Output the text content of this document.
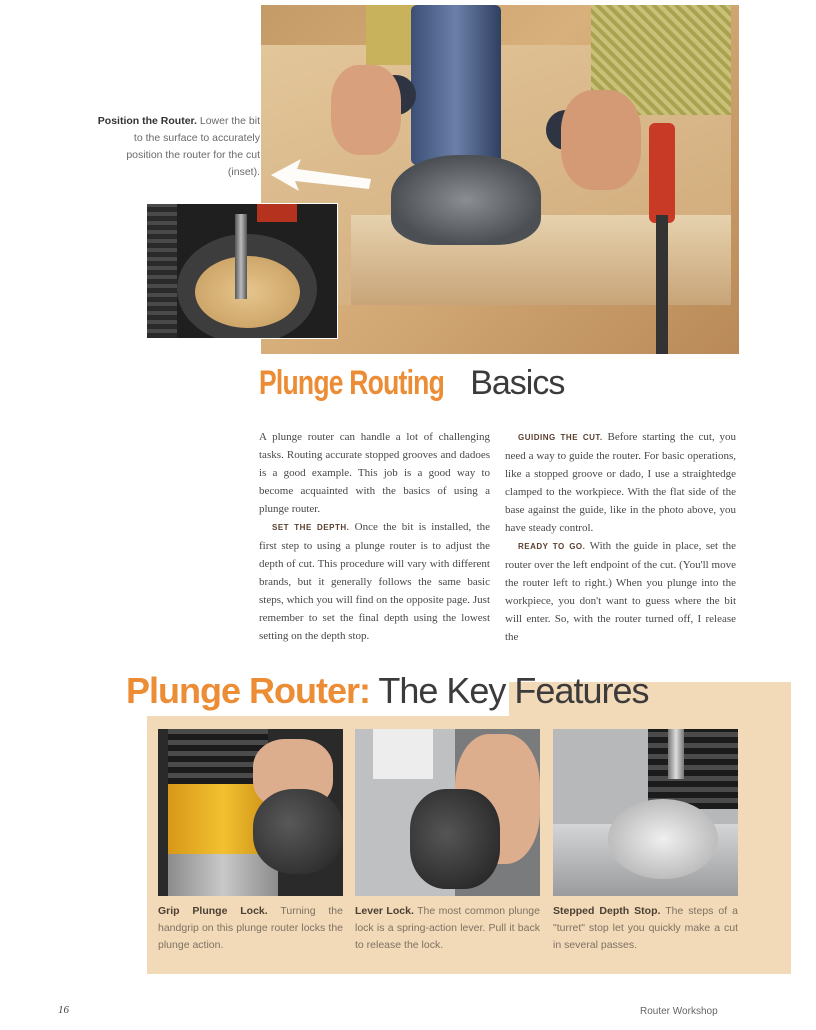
Position the Router. Lower the bit to the surface to accurately position the router for the cut (inset).
Plunge Routing Basics

A plunge router can handle a lot of challenging tasks. Routing accurate stopped grooves and dadoes is a good example. This job is a good way to become acquainted with the basics of using a plunge router.

SET THE DEPTH. Once the bit is installed, the first step to using a plunge router is to adjust the depth of cut. This procedure will vary with different brands, but it generally follows the same basic steps, which you will find on the opposite page. Just remember to set the final depth using the lowest setting on the depth stop.

GUIDING THE CUT. Before starting the cut, you need a way to guide the router. For basic operations, like a stopped groove or dado, I use a straightedge clamped to the workpiece. With the flat side of the base against the guide, like in the photo above, you have steady control.

READY TO GO. With the guide in place, set the router over the left endpoint of the cut. (You'll move the router left to right.) When you plunge into the workpiece, you don't want to guess where the bit will enter. So, with the router turned off, I release the

Plunge Router: The Key Features
Grip Plunge Lock. Turning the handgrip on this plunge router locks the plunge action.
Lever Lock. The most common plunge lock is a spring-action lever. Pull it back to release the lock.
Stepped Depth Stop. The steps of a "turret" stop let you quickly make a cut in several passes.
16	Router Workshop
